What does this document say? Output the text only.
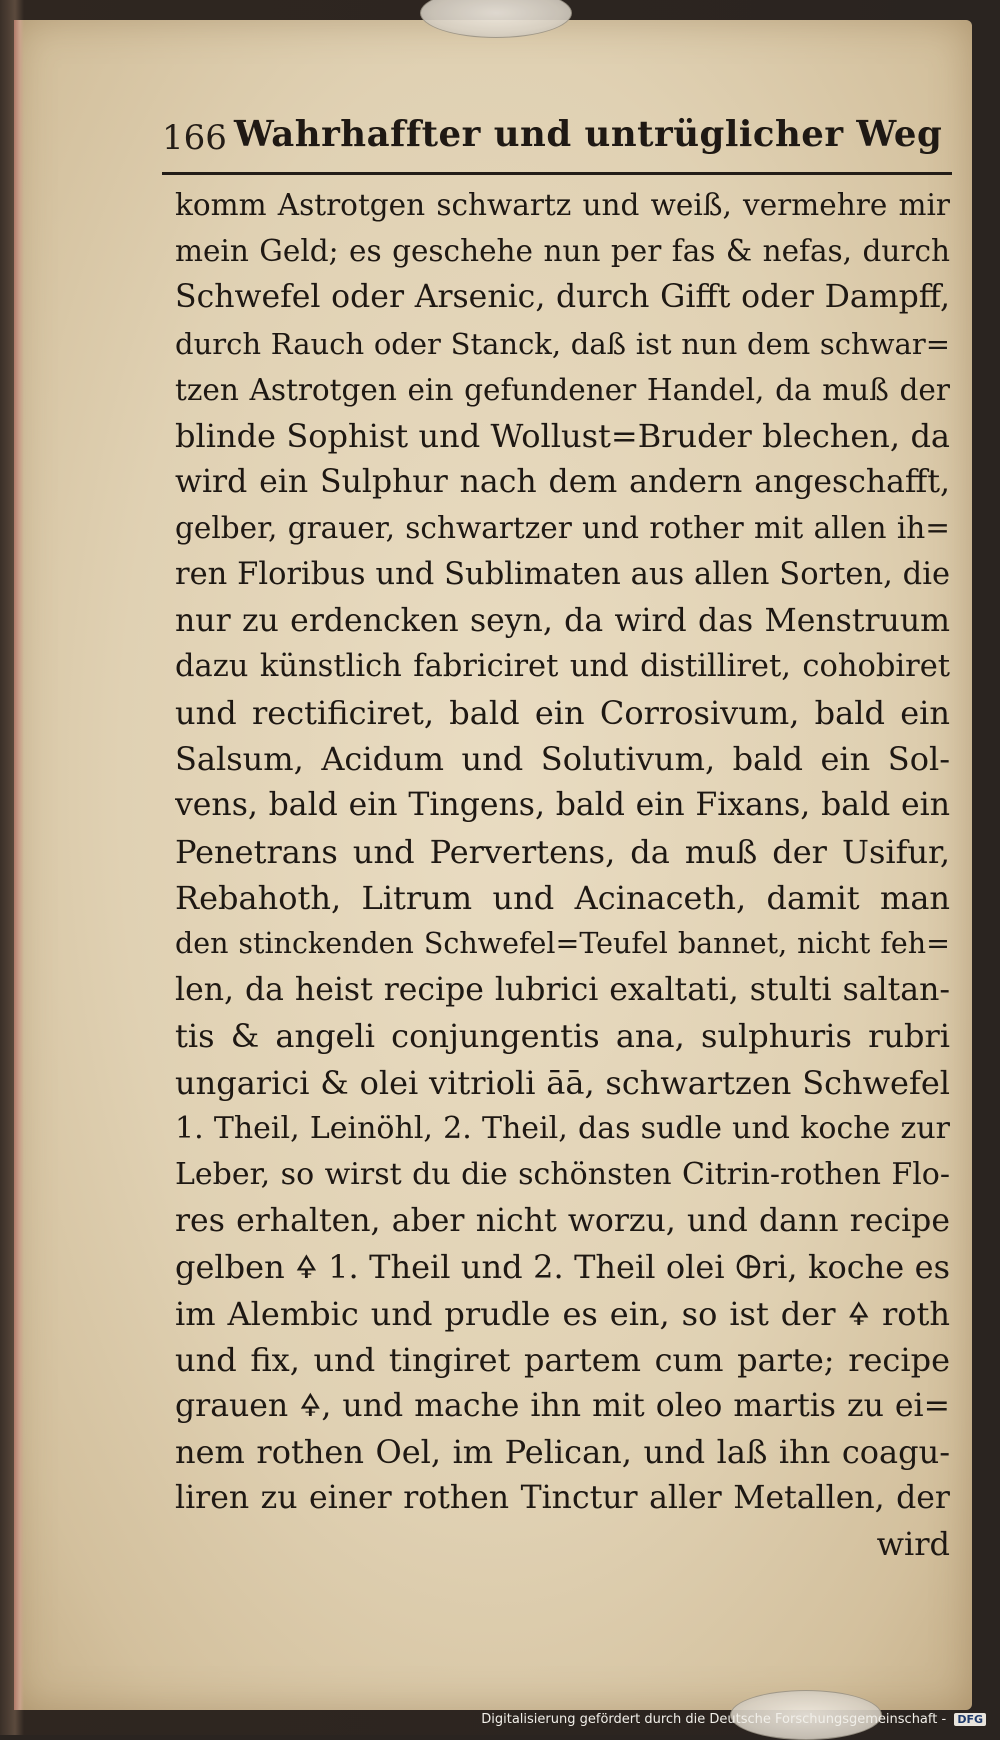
166 Wahrhaffter und untrüglicher Weg
komm Astrotgen schwartz und weiß, vermehre mir
mein Geld; es geschehe nun per fas & nefas, durch
Schwefel oder Arsenic, durch Gifft oder Dampff,
durch Rauch oder Stanck, daß ist nun dem schwar=
tzen Astrotgen ein gefundener Handel, da muß der
blinde Sophist und Wollust=Bruder blechen, da
wird ein Sulphur nach dem andern angeschafft,
gelber, grauer, schwartzer und rother mit allen ih=
ren Floribus und Sublimaten aus allen Sorten, die
nur zu erdencken seyn, da wird das Menstruum
dazu künstlich fabriciret und distilliret, cohobiret
und rectificiret, bald ein Corrosivum, bald ein
Salsum, Acidum und Solutivum, bald ein Sol-
vens, bald ein Tingens, bald ein Fixans, bald ein
Penetrans und Pervertens, da muß der Usifur,
Rebahoth, Litrum und Acinaceth, damit man
den stinckenden Schwefel=Teufel bannet, nicht feh=
len, da heist recipe lubrici exaltati, stulti saltan-
tis & angeli conjungentis ana, sulphuris rubri
ungarici & olei vitrioli āā, schwartzen Schwefel
1. Theil, Leinöhl, 2. Theil, das sudle und koche zur
Leber, so wirst du die schönsten Citrin-rothen Flo-
res erhalten, aber nicht worzu, und dann recipe
gelben 🜍 1. Theil und 2. Theil olei 🜖ri, koche es
im Alembic und prudle es ein, so ist der 🜍 roth
und fix, und tingiret partem cum parte; recipe
grauen 🜍, und mache ihn mit oleo martis zu ei=
nem rothen Oel, im Pelican, und laß ihn coagu-
liren zu einer rothen Tinctur aller Metallen, der
wird
Digitalisierung gefördert durch die Deutsche Forschungsgemeinschaft - DFG
